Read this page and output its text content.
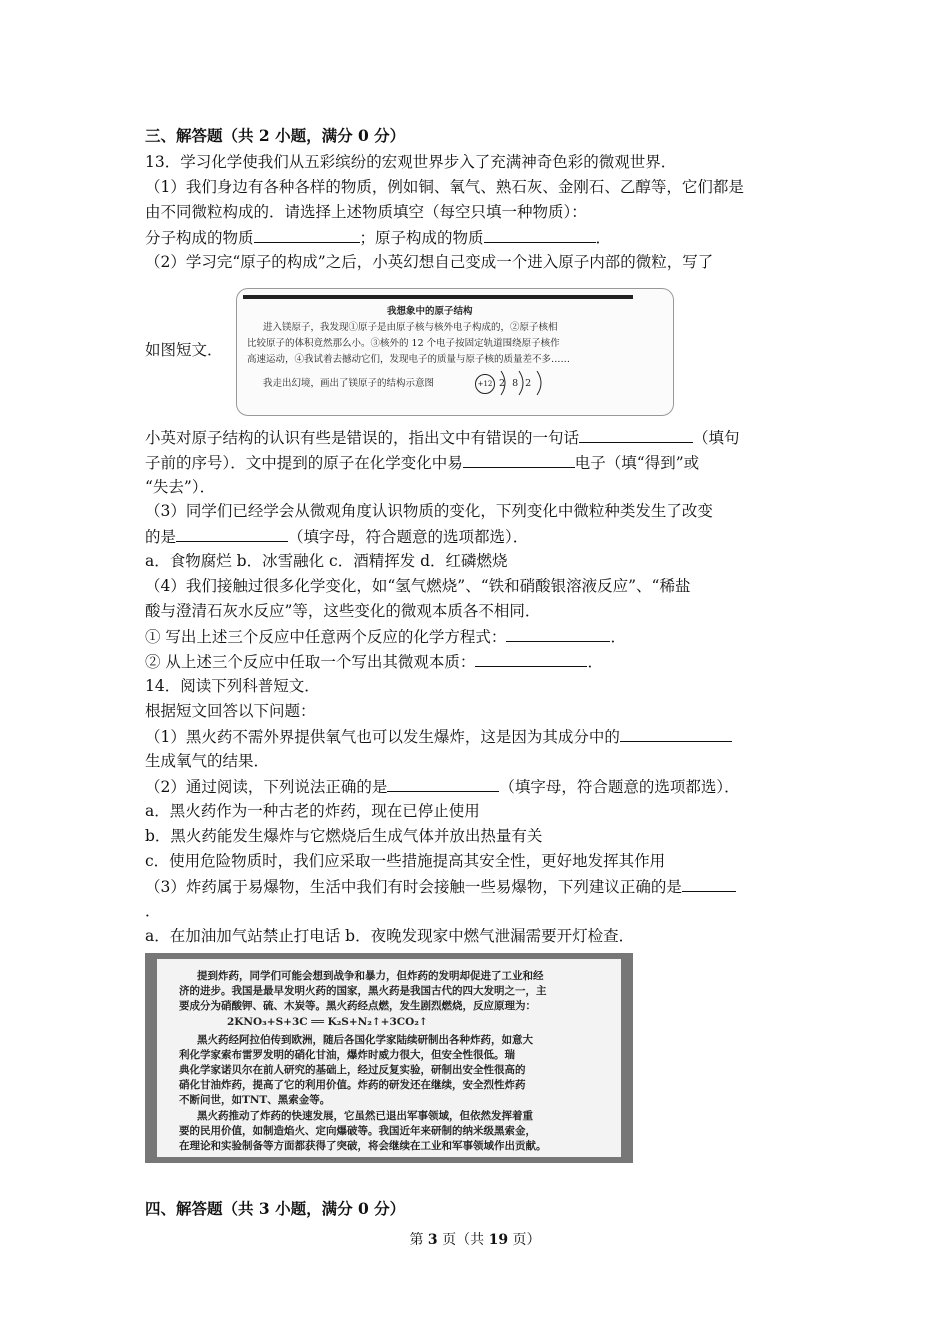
三、解答题（共 2 小题，满分 0 分）
13．学习化学使我们从五彩缤纷的宏观世界步入了充满神奇色彩的微观世界．
（1）我们身边有各种各样的物质，例如铜、氧气、熟石灰、金刚石、乙醇等，它们都是
由不同微粒构成的．请选择上述物质填空（每空只填一种物质）：
分子构成的物质	；原子构成的物质	．
（2）学习完“原子的构成”之后，小英幻想自己变成一个进入原子内部的微粒，写了
如图短文．
我想象中的原子结构
进入镁原子，我发现①原子是由原子核与核外电子构成的，②原子核相
比较原子的体积竟然那么小。③核外的 12 个电子按固定轨道围绕原子核作
高速运动，④我试着去撼动它们，发现电子的质量与原子核的质量差不多……
我走出幻境，画出了镁原子的结构示意图	+12 2 8 2
小英对原子结构的认识有些是错误的，指出文中有错误的一句话	（填句
子前的序号）．文中提到的原子在化学变化中易	电子（填“得到”或
“失去”）．
（3）同学们已经学会从微观角度认识物质的变化，下列变化中微粒种类发生了改变
的是	（填字母，符合题意的选项都选）．
a．食物腐烂 b．冰雪融化 c．酒精挥发 d．红磷燃烧
（4）我们接触过很多化学变化，如“氢气燃烧”、“铁和硝酸银溶液反应”、“稀盐
酸与澄清石灰水反应”等，这些变化的微观本质各不相同．
① 写出上述三个反应中任意两个反应的化学方程式：	．
② 从上述三个反应中任取一个写出其微观本质：	．
14．阅读下列科普短文．
根据短文回答以下问题：
（1）黑火药不需外界提供氧气也可以发生爆炸，这是因为其成分中的
生成氧气的结果．
（2）通过阅读，下列说法正确的是	（填字母，符合题意的选项都选）．
a．黑火药作为一种古老的炸药，现在已停止使用
b．黑火药能发生爆炸与它燃烧后生成气体并放出热量有关
c．使用危险物质时，我们应采取一些措施提高其安全性，更好地发挥其作用
（3）炸药属于易爆物，生活中我们有时会接触一些易爆物，下列建议正确的是
．
a．在加油加气站禁止打电话 b．夜晚发现家中燃气泄漏需要开灯检查．
提到炸药，同学们可能会想到战争和暴力，但炸药的发明却促进了工业和经
济的进步。我国是最早发明火药的国家，黑火药是我国古代的四大发明之一，主
要成分为硝酸钾、硫、木炭等。黑火药经点燃，发生剧烈燃烧，反应原理为：
2KNO₃+S+3C ══ K₂S+N₂↑+3CO₂↑
黑火药经阿拉伯传到欧洲，随后各国化学家陆续研制出各种炸药，如意大
利化学家索布雷罗发明的硝化甘油，爆炸时威力很大，但安全性很低。瑞
典化学家诺贝尔在前人研究的基础上，经过反复实验，研制出安全性很高的
硝化甘油炸药，提高了它的利用价值。炸药的研发还在继续，安全烈性炸药
不断问世，如TNT、黑索金等。
黑火药推动了炸药的快速发展，它虽然已退出军事领域，但依然发挥着重
要的民用价值，如制造焰火、定向爆破等。我国近年来研制的纳米级黑索金，
在理论和实验制备等方面都获得了突破，将会继续在工业和军事领域作出贡献。
四、解答题（共 3 小题，满分 0 分）
第 3 页（共 19 页）
